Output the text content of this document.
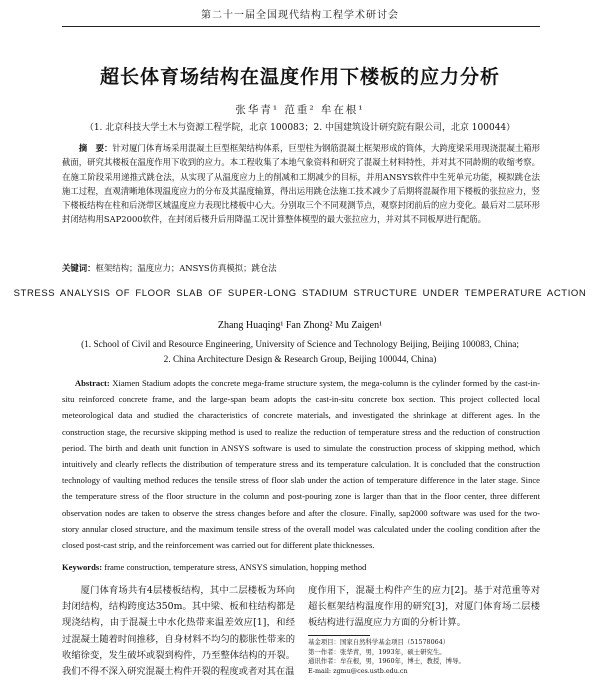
第二十一届全国现代结构工程学术研讨会
超长体育场结构在温度作用下楼板的应力分析
张华青¹ 范重² 牟在根¹
（1. 北京科技大学土木与资源工程学院，北京 100083；2. 中国建筑设计研究院有限公司，北京 100044）
摘　要：针对厦门体育场采用混凝土巨型框架结构体系，巨型柱为钢筋混凝土框架形成的筒体，大跨度梁采用现浇混凝土箱形截面，研究其楼板在温度作用下收到的应力。本工程收集了本地气象资料和研究了混凝土材料特性，并对其不同龄期的收缩考察。在施工阶段采用递推式跳仓法，从实现了从温度应力上的削减和工期减少的目标，并用ANSYS软件中生死单元功能，模拟跳仓法施工过程，直观清晰地体现温度应力的分布及其温度输算，得出运用跳仓法施工技术减少了后期将混凝作用下楼板的张拉应力，竖下楼板结构在柱和后浇带区域温度应力表现比楼板中心大。分别取三个不同观测节点，观察封闭前后的应力变化。最后对二层环形封闭结构用SAP2000软件，在封闭后楼升后用降温工况计算整体模型的最大张拉应力，并对其不同板厚进行配筋。
关键词：框架结构；温度应力；ANSYS仿真模拟；跳仓法
STRESS ANALYSIS OF FLOOR SLAB OF SUPER-LONG STADIUM STRUCTURE UNDER TEMPERATURE ACTION
Zhang Huaqing¹ Fan Zhong² Mu Zaigen¹
(1. School of Civil and Resource Engineering, University of Science and Technology Beijing, Beijing 100083, China;
2. China Architecture Design & Research Group, Beijing 100044, China)
Abstract: Xiamen Stadium adopts the concrete mega-frame structure system, the mega-column is the cylinder formed by the cast-in-situ reinforced concrete frame, and the large-span beam adopts the cast-in-situ concrete box section. This project collected local meteorological data and studied the characteristics of concrete materials, and investigated the shrinkage at different ages. In the construction stage, the recursive skipping method is used to realize the reduction of temperature stress and the reduction of construction period. The birth and death unit function in ANSYS software is used to simulate the construction process of skipping method, which intuitively and clearly reflects the distribution of temperature stress and its temperature calculation. It is concluded that the construction technology of vaulting method reduces the tensile stress of floor slab under the action of temperature difference in the later stage. Since the temperature stress of the floor structure in the column and post-pouring zone is larger than that in the floor center, three different observation nodes are taken to observe the stress changes before and after the closure. Finally, sap2000 software was used for the two-story annular closed structure, and the maximum tensile stress of the overall model was calculated under the cooling condition after the closed post-cast strip, and the reinforcement was carried out for different plate thicknesses.
Keywords: frame construction, temperature stress, ANSYS simulation, hopping method
厦门体育场共有4层楼板结构，其中二层楼板为环向封闭结构，结构跨度达350m。其中梁、板和柱结构都是现浇结构，由于混凝土中水化热带来温差效应[1]，和经过混凝土随着时间推移，自身材料不均匀的膨胀性带来的收缩徐变，发生破坏或裂到构件，乃至整体结构的开裂。我们不得不深入研究混凝土构件开裂的程度或者对其在温
度作用下，混凝土构件产生的应力[2]。基于对范重等对超长框架结构温度作用的研究[3]，对厦门体育场二层楼板结构进行温度应力方面的分析计算。
基金项目：国家自然科学基金项目（51578064）
第一作者：张华青，男，1993年，硕士研究生。
通讯作者：牟在根，男，1960年，博士，教授，博导。
E-mail: zgmu@ces.ustb.edu.cn
